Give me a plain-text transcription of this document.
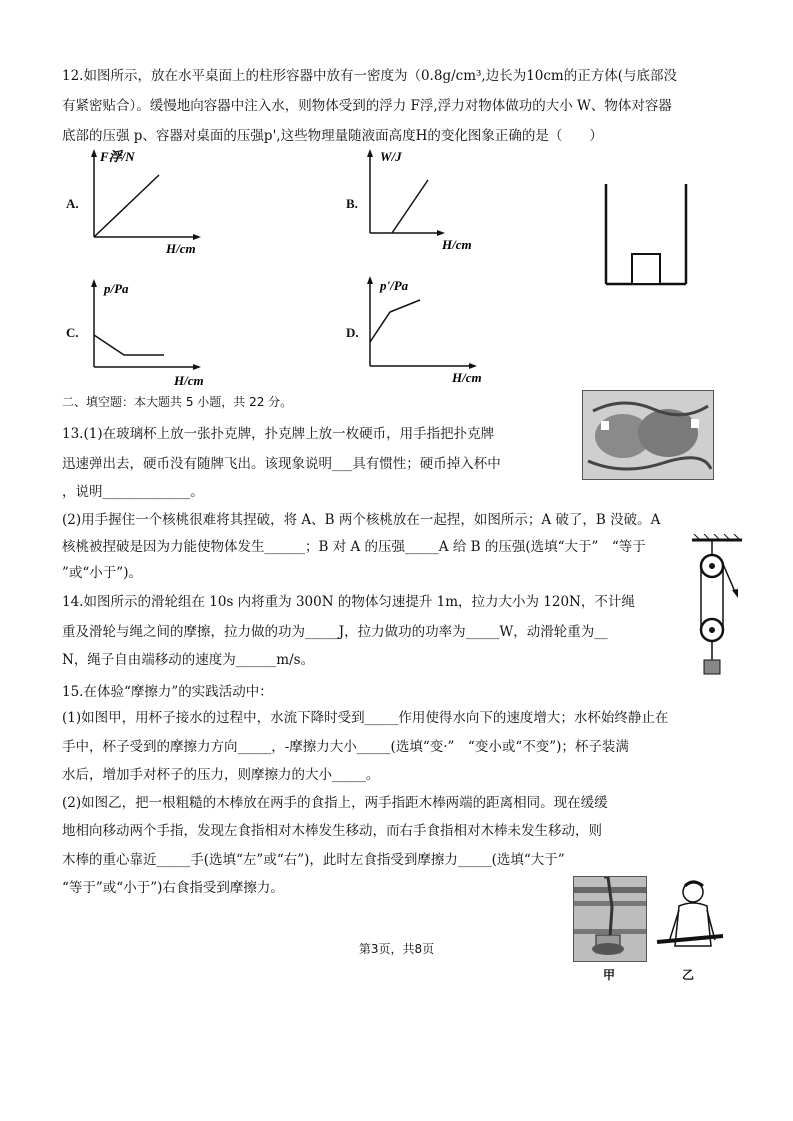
12.如图所示，放在水平桌面上的柱形容器中放有一密度为（0.8g/cm³,边长为10cm的正方体(与底部没
有紧密贴合）。缓慢地向容器中注入水，则物体受到的浮力 F浮,浮力对物体做功的大小 W、物体对容器
底部的压强 p、容器对桌面的压强p',这些物理量随液面高度H的变化图象正确的是（　　）
A.
F浮/N
H/cm
B.
W/J
H/cm
C.
p/Pa
H/cm
D.
p'/Pa
H/cm
二、填空题：本大题共 5 小题，共 22 分。
13.(1)在玻璃杯上放一张扑克牌，扑克牌上放一枚硬币，用手指把扑克牌
迅速弹出去，硬币没有随牌飞出。该现象说明___具有惯性；硬币掉入杯中
，说明_____________。
(2)用手握住一个核桃很难将其捏破，将 A、B 两个核桃放在一起捏，如图所示；A 破了，B 没破。A
核桃被捏破是因为力能使物体发生______；B 对 A 的压强_____A 给 B 的压强(选填“大于”　“等于
”或“小于”)。
14.如图所示的滑轮组在 10s 内将重为 300N 的物体匀速提升 1m，拉力大小为 120N，不计绳
重及滑轮与绳之间的摩擦，拉力做的功为_____J，拉力做功的功率为_____W，动滑轮重为__
N，绳子自由端移动的速度为______m/s。
15.在体验“摩擦力”的实践活动中：
(1)如图甲，用杯子接水的过程中，水流下降时受到_____作用使得水向下的速度增大；水杯始终静止在
手中，杯子受到的摩擦力方向_____，-摩擦力大小_____(选填“变·”　“变小或“不变”)；杯子装满
水后，增加手对杯子的压力，则摩擦力的大小_____。
(2)如图乙，把一根粗糙的木棒放在两手的食指上，两手指距木棒两端的距离相同。现在缓缓
地相向移动两个手指，发现左食指相对木棒发生移动，而右手食指相对木棒未发生移动，则
木棒的重心靠近_____手(选填“左”或“右”)，此时左食指受到摩擦力_____(选填“大于”
“等于”或“小于”)右食指受到摩擦力。
甲	乙
第3页，共8页
